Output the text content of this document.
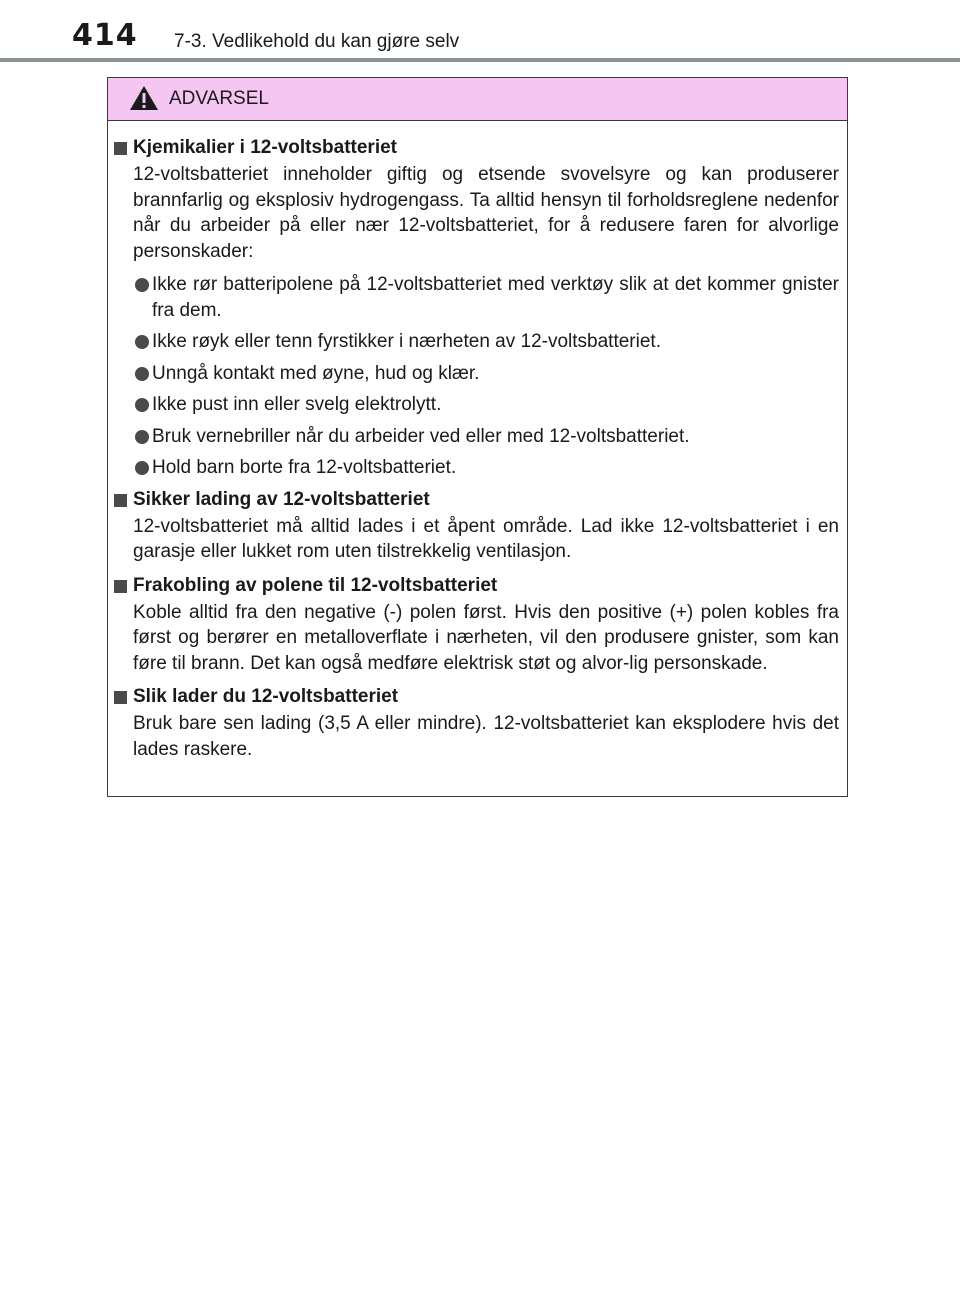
414 7-3. Vedlikehold du kan gjøre selv
ADVARSEL
Kjemikalier i 12-voltsbatteriet
12-voltsbatteriet inneholder giftig og etsende svovelsyre og kan produserer brannfarlig og eksplosiv hydrogengass. Ta alltid hensyn til forholdsreglene nedenfor når du arbeider på eller nær 12-voltsbatteriet, for å redusere faren for alvorlige personskader:
Ikke rør batteripolene på 12-voltsbatteriet med verktøy slik at det kommer gnister fra dem.
Ikke røyk eller tenn fyrstikker i nærheten av 12-voltsbatteriet.
Unngå kontakt med øyne, hud og klær.
Ikke pust inn eller svelg elektrolytt.
Bruk vernebriller når du arbeider ved eller med 12-voltsbatteriet.
Hold barn borte fra 12-voltsbatteriet.
Sikker lading av 12-voltsbatteriet
12-voltsbatteriet må alltid lades i et åpent område. Lad ikke 12-voltsbatteriet i en garasje eller lukket rom uten tilstrekkelig ventilasjon.
Frakobling av polene til 12-voltsbatteriet
Koble alltid fra den negative (-) polen først. Hvis den positive (+) polen kobles fra først og berører en metalloverflate i nærheten, vil den produsere gnister, som kan føre til brann. Det kan også medføre elektrisk støt og alvor-lig personskade.
Slik lader du 12-voltsbatteriet
Bruk bare sen lading (3,5 A eller mindre). 12-voltsbatteriet kan eksplodere hvis det lades raskere.
